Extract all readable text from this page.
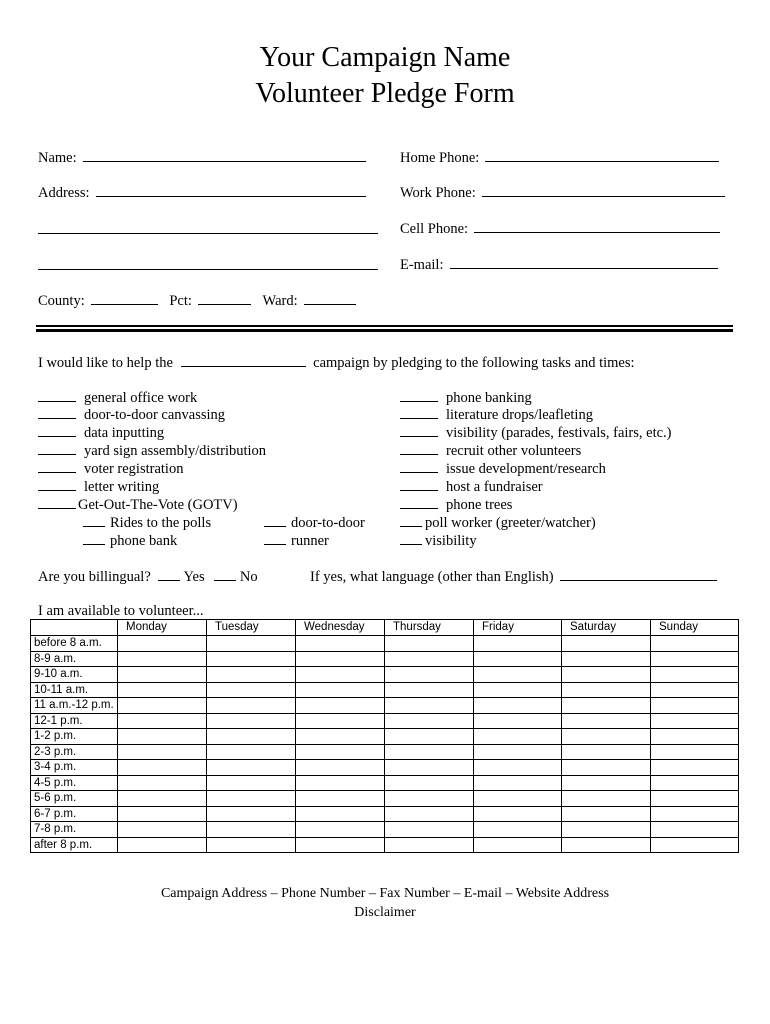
Your Campaign Name
Volunteer Pledge Form
Name:
Address:
County:	Pct:	Ward:
Home Phone:
Work Phone:
Cell Phone:
E-mail:
I would like to help the	campaign by pledging to the following tasks and times:
general office work
door-to-door canvassing
data inputting
yard sign assembly/distribution
voter registration
letter writing
Get-Out-The-Vote (GOTV)
Rides to the polls
phone bank
door-to-door
runner
phone banking
literature drops/leafleting
visibility (parades, festivals, fairs, etc.)
recruit other volunteers
issue development/research
host a fundraiser
phone trees
poll worker (greeter/watcher)
visibility
Are you billingual? Yes No	If yes, what language (other than English)
I am available to volunteer...
	Monday	Tuesday	Wednesday	Thursday	Friday	Saturday	Sunday
before 8 a.m.							
8-9 a.m.							
9-10 a.m.							
10-11 a.m.							
11 a.m.-12 p.m.							
12-1 p.m.							
1-2 p.m.							
2-3 p.m.							
3-4 p.m.							
4-5 p.m.							
5-6 p.m.							
6-7 p.m.							
7-8 p.m.							
after 8 p.m.							
Campaign Address – Phone Number – Fax Number – E-mail – Website Address
Disclaimer
